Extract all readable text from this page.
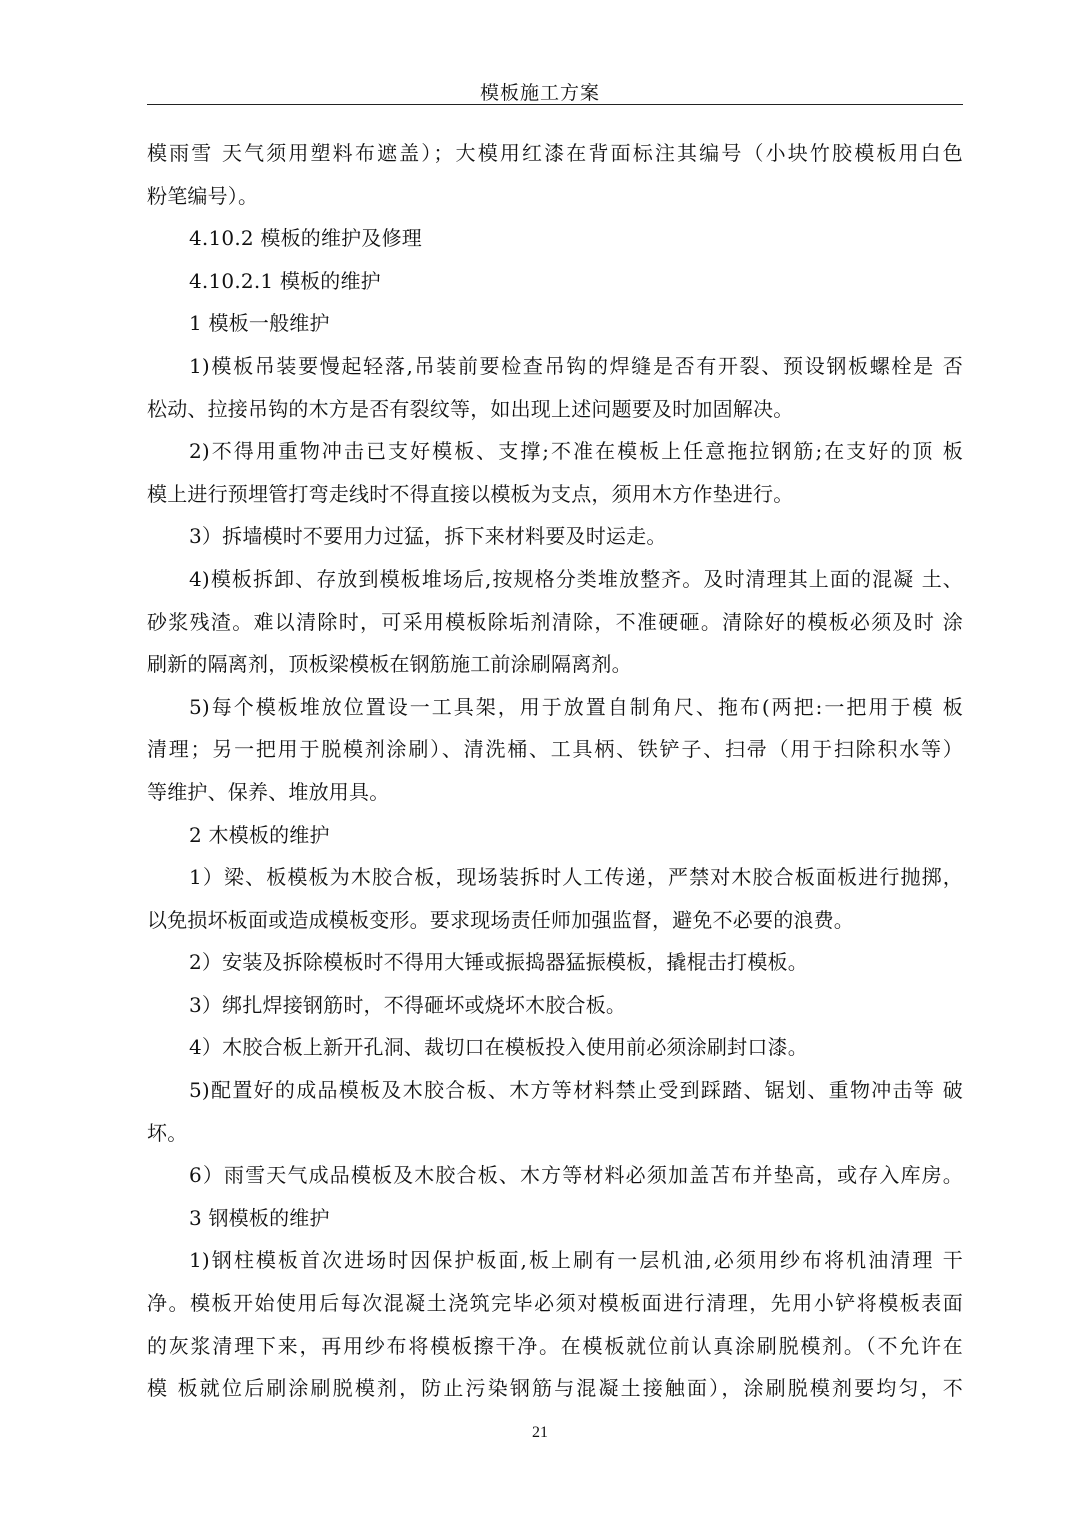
模板施工方案
模雨雪 天气须用塑料布遮盖）；大模用红漆在背面标注其编号（小块竹胶模板用白色
粉笔编号）。
4.10.2 模板的维护及修理
4.10.2.1 模板的维护
1 模板一般维护
1)模板吊装要慢起轻落,吊装前要检查吊钩的焊缝是否有开裂、预设钢板螺栓是 否
松动、拉接吊钩的木方是否有裂纹等，如出现上述问题要及时加固解决。
2)不得用重物冲击已支好模板、支撑;不准在模板上任意拖拉钢筋;在支好的顶 板
模上进行预埋管打弯走线时不得直接以模板为支点，须用木方作垫进行。
3）拆墙模时不要用力过猛，拆下来材料要及时运走。
4)模板拆卸、存放到模板堆场后,按规格分类堆放整齐。及时清理其上面的混凝 土、
砂浆残渣。难以清除时，可采用模板除垢剂清除，不准硬砸。清除好的模板必须及时 涂
刷新的隔离剂，顶板梁模板在钢筋施工前涂刷隔离剂。
5)每个模板堆放位置设一工具架，用于放置自制角尺、拖布(两把:一把用于模 板
清理；另一把用于脱模剂涂刷）、清洗桶、工具柄、铁铲子、扫帚（用于扫除积水等）
等维护、保养、堆放用具。
2 木模板的维护
1）梁、板模板为木胶合板，现场装拆时人工传递，严禁对木胶合板面板进行抛掷，
以免损坏板面或造成模板变形。要求现场责任师加强监督，避免不必要的浪费。
2）安装及拆除模板时不得用大锤或振捣器猛振模板，撬棍击打模板。
3）绑扎焊接钢筋时，不得砸坏或烧坏木胶合板。
4）木胶合板上新开孔洞、裁切口在模板投入使用前必须涂刷封口漆。
5)配置好的成品模板及木胶合板、木方等材料禁止受到踩踏、锯划、重物冲击等 破
坏。
6）雨雪天气成品模板及木胶合板、木方等材料必须加盖苫布并垫高，或存入库房。
3 钢模板的维护
1)钢柱模板首次进场时因保护板面,板上刷有一层机油,必须用纱布将机油清理 干
净。模板开始使用后每次混凝土浇筑完毕必须对模板面进行清理，先用小铲将模板表面
的灰浆清理下来，再用纱布将模板擦干净。在模板就位前认真涂刷脱模剂。（不允许在
模 板就位后刷涂刷脱模剂，防止污染钢筋与混凝土接触面），涂刷脱模剂要均匀，不
21
